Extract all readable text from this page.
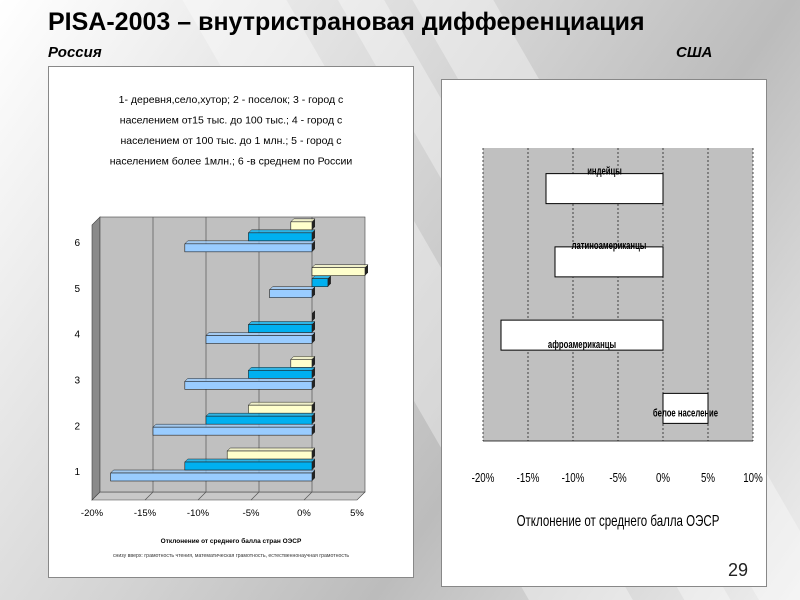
PISA-2003 – внутристрановая дифференциация
Россия	США
1- деревня,село,хутор; 2 - поселок; 3 - город с
населением от15 тыс. до 100 тыс.; 4 - город с
населением от 100 тыс. до 1 млн.; 5 - город с
населением более 1млн.; 6 -в среднем по России
-20%	-15%	-10%	-5%	0%	5%
1
2
3
4
5
6
Отклонение от среднего балла стран ОЭСР
снизу вверх: грамотность чтения, математическая грамотность, естественнонаучная грамотность
-20% -15% -10% -5% 0% 5% 10%
индейцы
латиноамериканцы
афроамериканцы
белое население
Отклонение от среднего балла ОЭСР
29
